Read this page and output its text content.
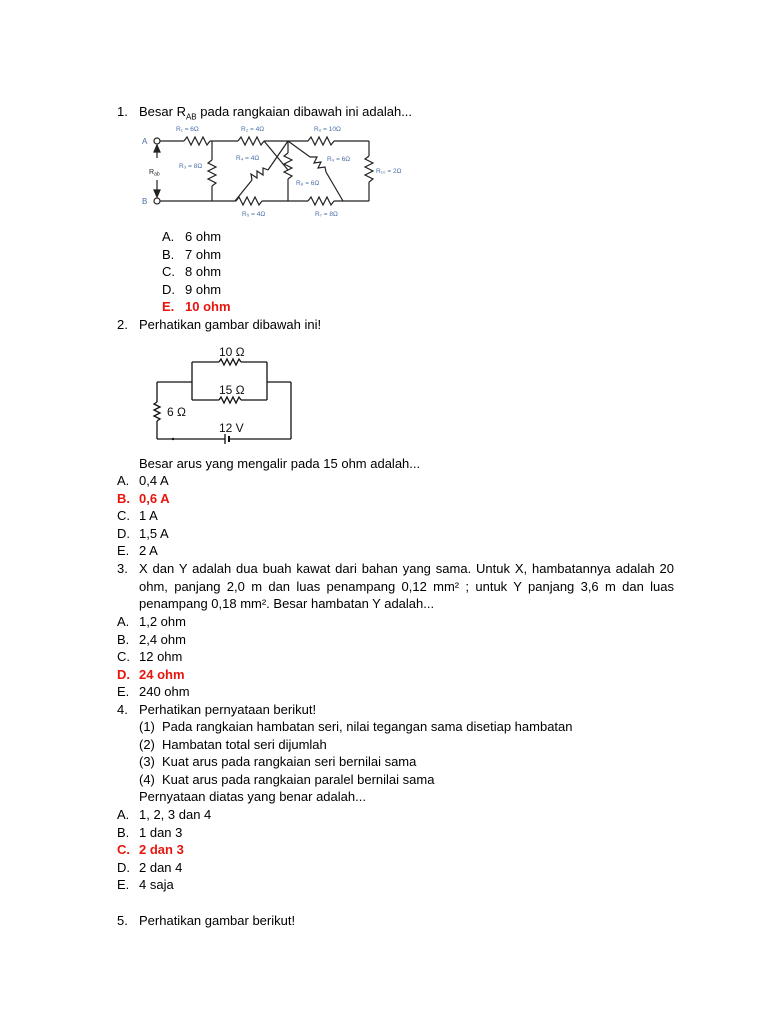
1. Besar $R_{AB}$ pada rangkaian dibawah ini adalah...
R₁ = 6Ω	R₂ = 4Ω	R₆ = 10Ω
R₃ = 8Ω
R₄ = 4Ω
R₈ = 6Ω
R₉ = 6Ω
R₁₀ = 2Ω
R₅ = 4Ω	R₇ = 8Ω
A
B
$R_{ab}$
A. 6 ohm
B. 7 ohm
C. 8 ohm
D. 9 ohm
E. 10 ohm
2. Perhatikan gambar dibawah ini!
10 Ω
15 Ω
6 Ω
12 V
Besar arus yang mengalir pada 15 ohm adalah...
A. 0,4 A
B. 0,6 A
C. 1 A
D. 1,5 A
E. 2 A
3. X dan Y adalah dua buah kawat dari bahan yang sama. Untuk X, hambatannya adalah 20 ohm, panjang 2,0 m dan luas penampang 0,12 mm² ; untuk Y panjang 3,6 m dan luas penampang 0,18 mm². Besar hambatan Y adalah...
A. 1,2 ohm
B. 2,4 ohm
C. 12 ohm
D. 24 ohm
E. 240 ohm
4. Perhatikan pernyataan berikut!
(1) Pada rangkaian hambatan seri, nilai tegangan sama disetiap hambatan
(2) Hambatan total seri dijumlah
(3) Kuat arus pada rangkaian seri bernilai sama
(4) Kuat arus pada rangkaian paralel bernilai sama
Pernyataan diatas yang benar adalah...
A. 1, 2, 3 dan 4
B. 1 dan 3
C. 2 dan 3
D. 2 dan 4
E. 4 saja
5. Perhatikan gambar berikut!
